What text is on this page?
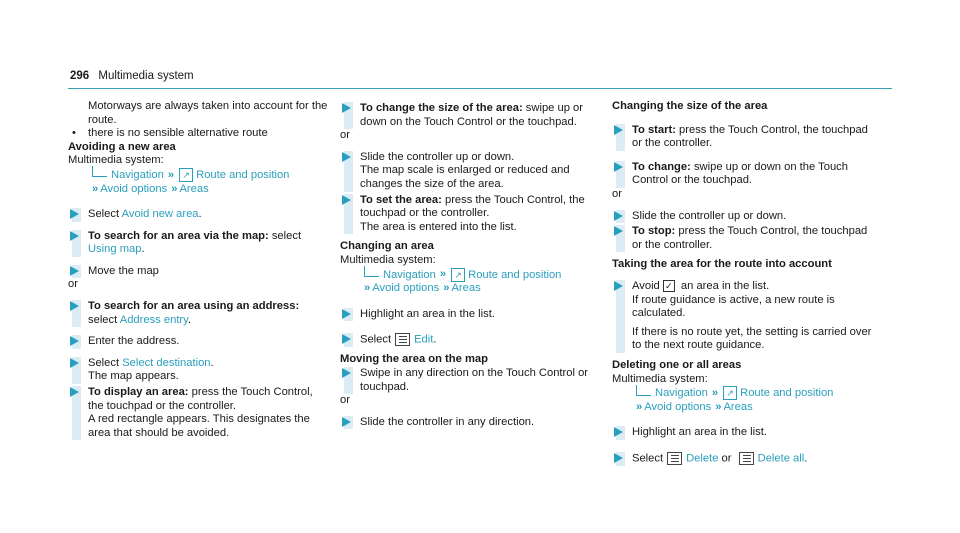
296 Multimedia system
Motorways are always taken into account for the route.
• there is no sensible alternative route
Avoiding a new area
Multimedia system:
Navigation » ↗ Route and position
» Avoid options » Areas
Select Avoid new area.
To search for an area via the map: select
Using map.
Move the map
or
To search for an area using an address:
select Address entry.
Enter the address.
Select Select destination.
The map appears.
To display an area: press the Touch Control, the touchpad or the controller.
A red rectangle appears. This designates the area that should be avoided.
To change the size of the area: swipe up or down on the Touch Control or the touchpad.
or
Slide the controller up or down.
The map scale is enlarged or reduced and changes the size of the area.
To set the area: press the Touch Control, the touchpad or the controller.
The area is entered into the list.
Changing an area
Multimedia system:
Navigation » ↗ Route and position
» Avoid options » Areas
Highlight an area in the list.
Select Edit.
Moving the area on the map
Swipe in any direction on the Touch Control or touchpad.
or
Slide the controller in any direction.
Changing the size of the area
To start: press the Touch Control, the touchpad or the controller.
To change: swipe up or down on the Touch Control or the touchpad.
or
Slide the controller up or down.
To stop: press the Touch Control, the touchpad or the controller.
Taking the area for the route into account
Avoid ✓ an area in the list.
If route guidance is active, a new route is calculated.
If there is no route yet, the setting is carried over to the next route guidance.
Deleting one or all areas
Multimedia system:
Navigation » ↗ Route and position
» Avoid options » Areas
Highlight an area in the list.
Select Delete or Delete all.
